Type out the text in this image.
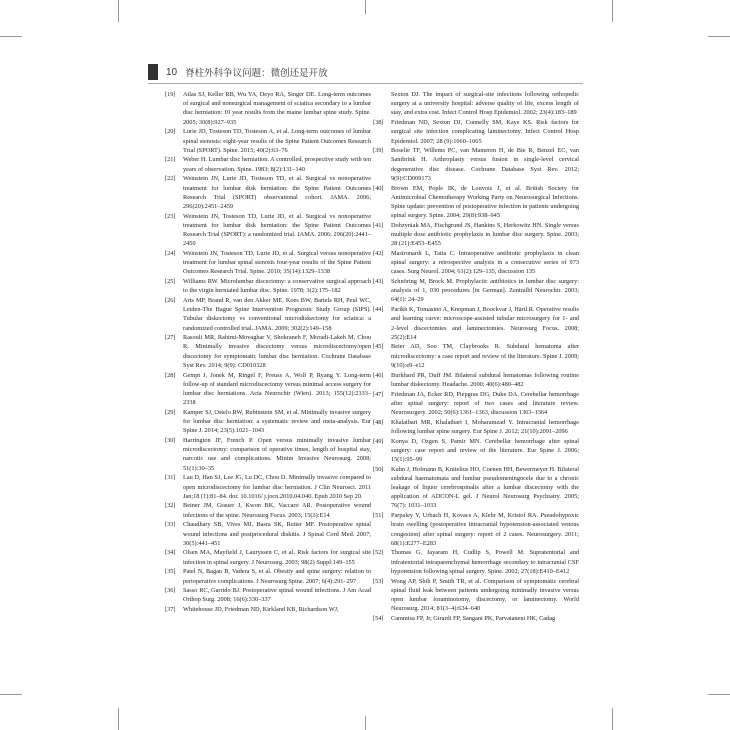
10 脊柱外科争议问题：微创还是开放
[19]	Atlas SJ, Keller RB, Wu YA, Deyo RA, Singer DE. Long-term outcomes of surgical and nonsurgical management of sciatica secondary to a lumbar disc herniation: 10 year results from the maine lumbar spine study. Spine. 2005; 30(8):927–935
[20]	Lurie JD, Tosteson TD, Tosteson A, et al. Long-term outcomes of lumbar spinal stenosis: eight-year results of the Spine Patient Outcomes Research Trial (SPORT). Spine. 2015; 40(2):63–76
[21]	Weber H. Lumbar disc herniation. A controlled, prospective study with ten years of observation. Spine. 1983; 8(2):131–140
[22]	Weinstein JN, Lurie JD, Tosteson TD, et al. Surgical vs nonoperative treatment for lumbar disk herniation: the Spine Patient Outcomes Research Trial (SPORT) observational cohort. JAMA. 2006; 296(20):2451–2459
[23]	Weinstein JN, Tosteson TD, Lurie JD, et al. Surgical vs nonoperative treatment for lumbar disk herniation: the Spine Patient Outcomes Research Trial (SPORT): a randomized trial. JAMA. 2006; 296(20):2441–2450
[24]	Weinstein JN, Tosteson TD, Lurie JD, et al. Surgical versus nonoperative treatment for lumbar spinal stenosis four-year results of the Spine Patient Outcomes Research Trial. Spine. 2010; 35(14):1329–1338
[25]	Williams RW. Microlumbar discectomy: a conservative surgical approach to the virgin herniated lumbar disc. Spine. 1978; 3(2):175–182
[26]	Arts MP, Brand R, van den Akker ME, Koes BW, Bartels RH, Peul WC, Leiden-The Hague Spine Intervention Prognostic Study Group (SIPS). Tubular diskectomy vs conventional microdiskectomy for sciatica: a randomized controlled trial. JAMA. 2009; 302(2):149–158
[27]	Rasouli MR, Rahimi-Movaghar V, Shokraneh F, Moradi-Lakeh M, Chou R. Minimally invasive discectomy versus microdiscectomy/open discectomy for symptomatic lumbar disc herniation. Cochrane Database Syst Rev. 2014; 9(9): CD010328
[28]	Gempt J, Jonek M, Ringel F, Preuss A, Wolf P, Ryang Y. Long-term follow-up of standard microdiscectomy versus minimal access surgery for lumbar disc herniations. Acta Neurochir (Wien). 2013; 155(12):2333–2338
[29]	Kamper SJ, Ostelo RW, Rubinstein SM, et al. Minimally invasive surgery for lumbar disc herniation: a systematic review and meta-analysis. Eur Spine J. 2014; 23(5):1021–1043
[30]	Harrington JF, French P. Open versus minimally invasive lumbar microdiscectomy: comparison of operative times, length of hospital stay, narcotic use and complications. Minim Invasive Neurosurg. 2008; 51(1):30–35
[31]	Lau D, Han SJ, Lee JG, Lu DC, Chou D. Minimally invasive compared to open microdiscectomy for lumbar disc herniation. J Clin Neurosci. 2011 Jan;18 (1):81–84. doi: 10.1016/ j.jocn.2010.04.040. Epub 2010 Sep 20.
[32]	Beiner JM, Grauer J, Kwon BK, Vaccaro AR. Postoperative wound infections of the spine. Neurosurg Focus. 2003; 15(3):E14
[33]	Chaudhary SB, Vives MJ, Basra SK, Reiter MF. Postoperative spinal wound infections and postprocedural diskitis. J Spinal Cord Med. 2007; 30(5):441–451
[34]	Olsen MA, Mayfield J, Lauryssen C, et al. Risk factors for surgical site infection in spinal surgery. J Neurosurg. 2003; 98(2) Suppl:149–155
[35]	Patel N, Bagan B, Vadera S, et al. Obesity and spine surgery: relation to perioperative complications. J Neurosurg Spine. 2007; 6(4):291–297
[36]	Sasso RC, Garrido BJ. Postoperative spinal wound infections. J Am Acad Orthop Surg. 2008; 16(6):330–337
[37]	Whitehouse JD, Friedman ND, Kirkland KB, Richardson WJ,
Sexton DJ. The impact of surgical-site infections following orthopedic surgery at a university hospital: adverse quality of life, excess length of stay, and extra cost. Infect Control Hosp Epidemiol. 2002; 23(4):183–189
[38]	Friedman ND, Sexton DJ, Connelly SM, Kaye KS. Risk factors for surgical site infection complicating laminectomy. Infect Control Hosp Epidemiol. 2007; 28 (9):1060–1065
[39]	Boselie TF, Willems PC, van Mameren H, de Bie R, Benzel EC, van Santbrink H. Arthroplasty versus fusion in single-level cervical degenerative disc disease. Cochrane Database Syst Rev. 2012; 9(9):CD009173
[40]	Brown EM, Pople IK, de Louvois J, et al. British Society for Antimicrobial Chemotherapy Working Party on Neurosurgical Infections. Spine update: prevention of postoperative infection in patients undergoing spinal surgery. Spine. 2004; 29(8):938–945
[41]	Dobzyniak MA, Fischgrund JS, Hankins S, Herkowitz HN. Single versus multiple dose antibiotic prophylaxis in lumbar disc surgery. Spine. 2003; 28 (21):E453–E455
[42]	Mastronardi L, Tatta C. Intraoperative antibiotic prophylaxis in clean spinal surgery: a retrospective analysis in a consecutive series of 973 cases. Surg Neurol. 2004; 61(2):129–135, discussion 135
[43]	Schnöring M, Brock M. Prophylactic antibiotics in lumbar disc surgery: analysis of 1, 030 procedures [in German]. Zentralbl Neurochir. 2003; 64(1): 24–29
[44]	Parikh K, Tomasino A, Knopman J, Boockvar J, Härtl R. Operative results and learning curve: microscope-assisted tubular microsurgery for 1- and 2-level discectomies and laminectomies. Neurosurg Focus. 2008; 25(2):E14
[45]	Beier AD, Soo TM, Claybrooks R. Subdural hematoma after microdiscectomy: a case report and review of the literature. Spine J. 2009; 9(10):e9–e12
[46]	Burkhard PR, Duff JM. Bilateral subdural hematomas following routine lumbar diskectomy. Headache. 2000; 40(6):480–482
[47]	Friedman JA, Ecker RD, Piepgras DG, Duke DA. Cerebellar hemorrhage after spinal surgery: report of two cases and literature review. Neurosurgery. 2002; 50(6):1361–1363, discussion 1363–1364
[48]	Khalatbari MR, Khalatbari I, Moharamzad Y. Intracranial hemorrhage following lumbar spine surgery. Eur Spine J. 2012; 21(10):2091–2096
[49]	Konya D, Ozgen S, Pamir MN. Cerebellar hemorrhage after spinal surgery: case report and review of the literature. Eur Spine J. 2006; 15(1):95–99
[50]	Kuhn J, Hofmann B, Knitelius HO, Coenen HH, Bewermeyer H. Bilateral subdural haematomata and lumbar pseudomeningocele due to a chronic leakage of liquor cerebrospinalis after a lumbar discectomy with the application of ADCON-L gel. J Neurol Neurosurg Psychiatry. 2005; 76(7): 1031–1033
[51]	Parpaley Y, Urbach H, Kovacs A, Klehr M, Kristof RA. Pseudohypoxic brain swelling (postoperative intracranial hypotension-associated venous congestion) after spinal surgery: report of 2 cases. Neurosurgery. 2011; 68(1):E277–E283
[52]	Thomas G, Jayaram H, Cudlip S, Powell M. Supratentorial and infratentorial intraparenchymal hemorrhage secondary to intracranial CSF hypotension following spinal surgery. Spine. 2002; 27(18):E410–E412
[53]	Wong AP, Shih P, Smith TR, et al. Comparison of symptomatic cerebral spinal fluid leak between patients undergoing minimally invasive versus open lumbar foraminotomy, discectomy, or laminectomy. World Neurosurg. 2014; 81(3–4):634–640
[54]	Cammisa FP, Jr, Girardi FP, Sangani PK, Parvataneni HK, Cadag
